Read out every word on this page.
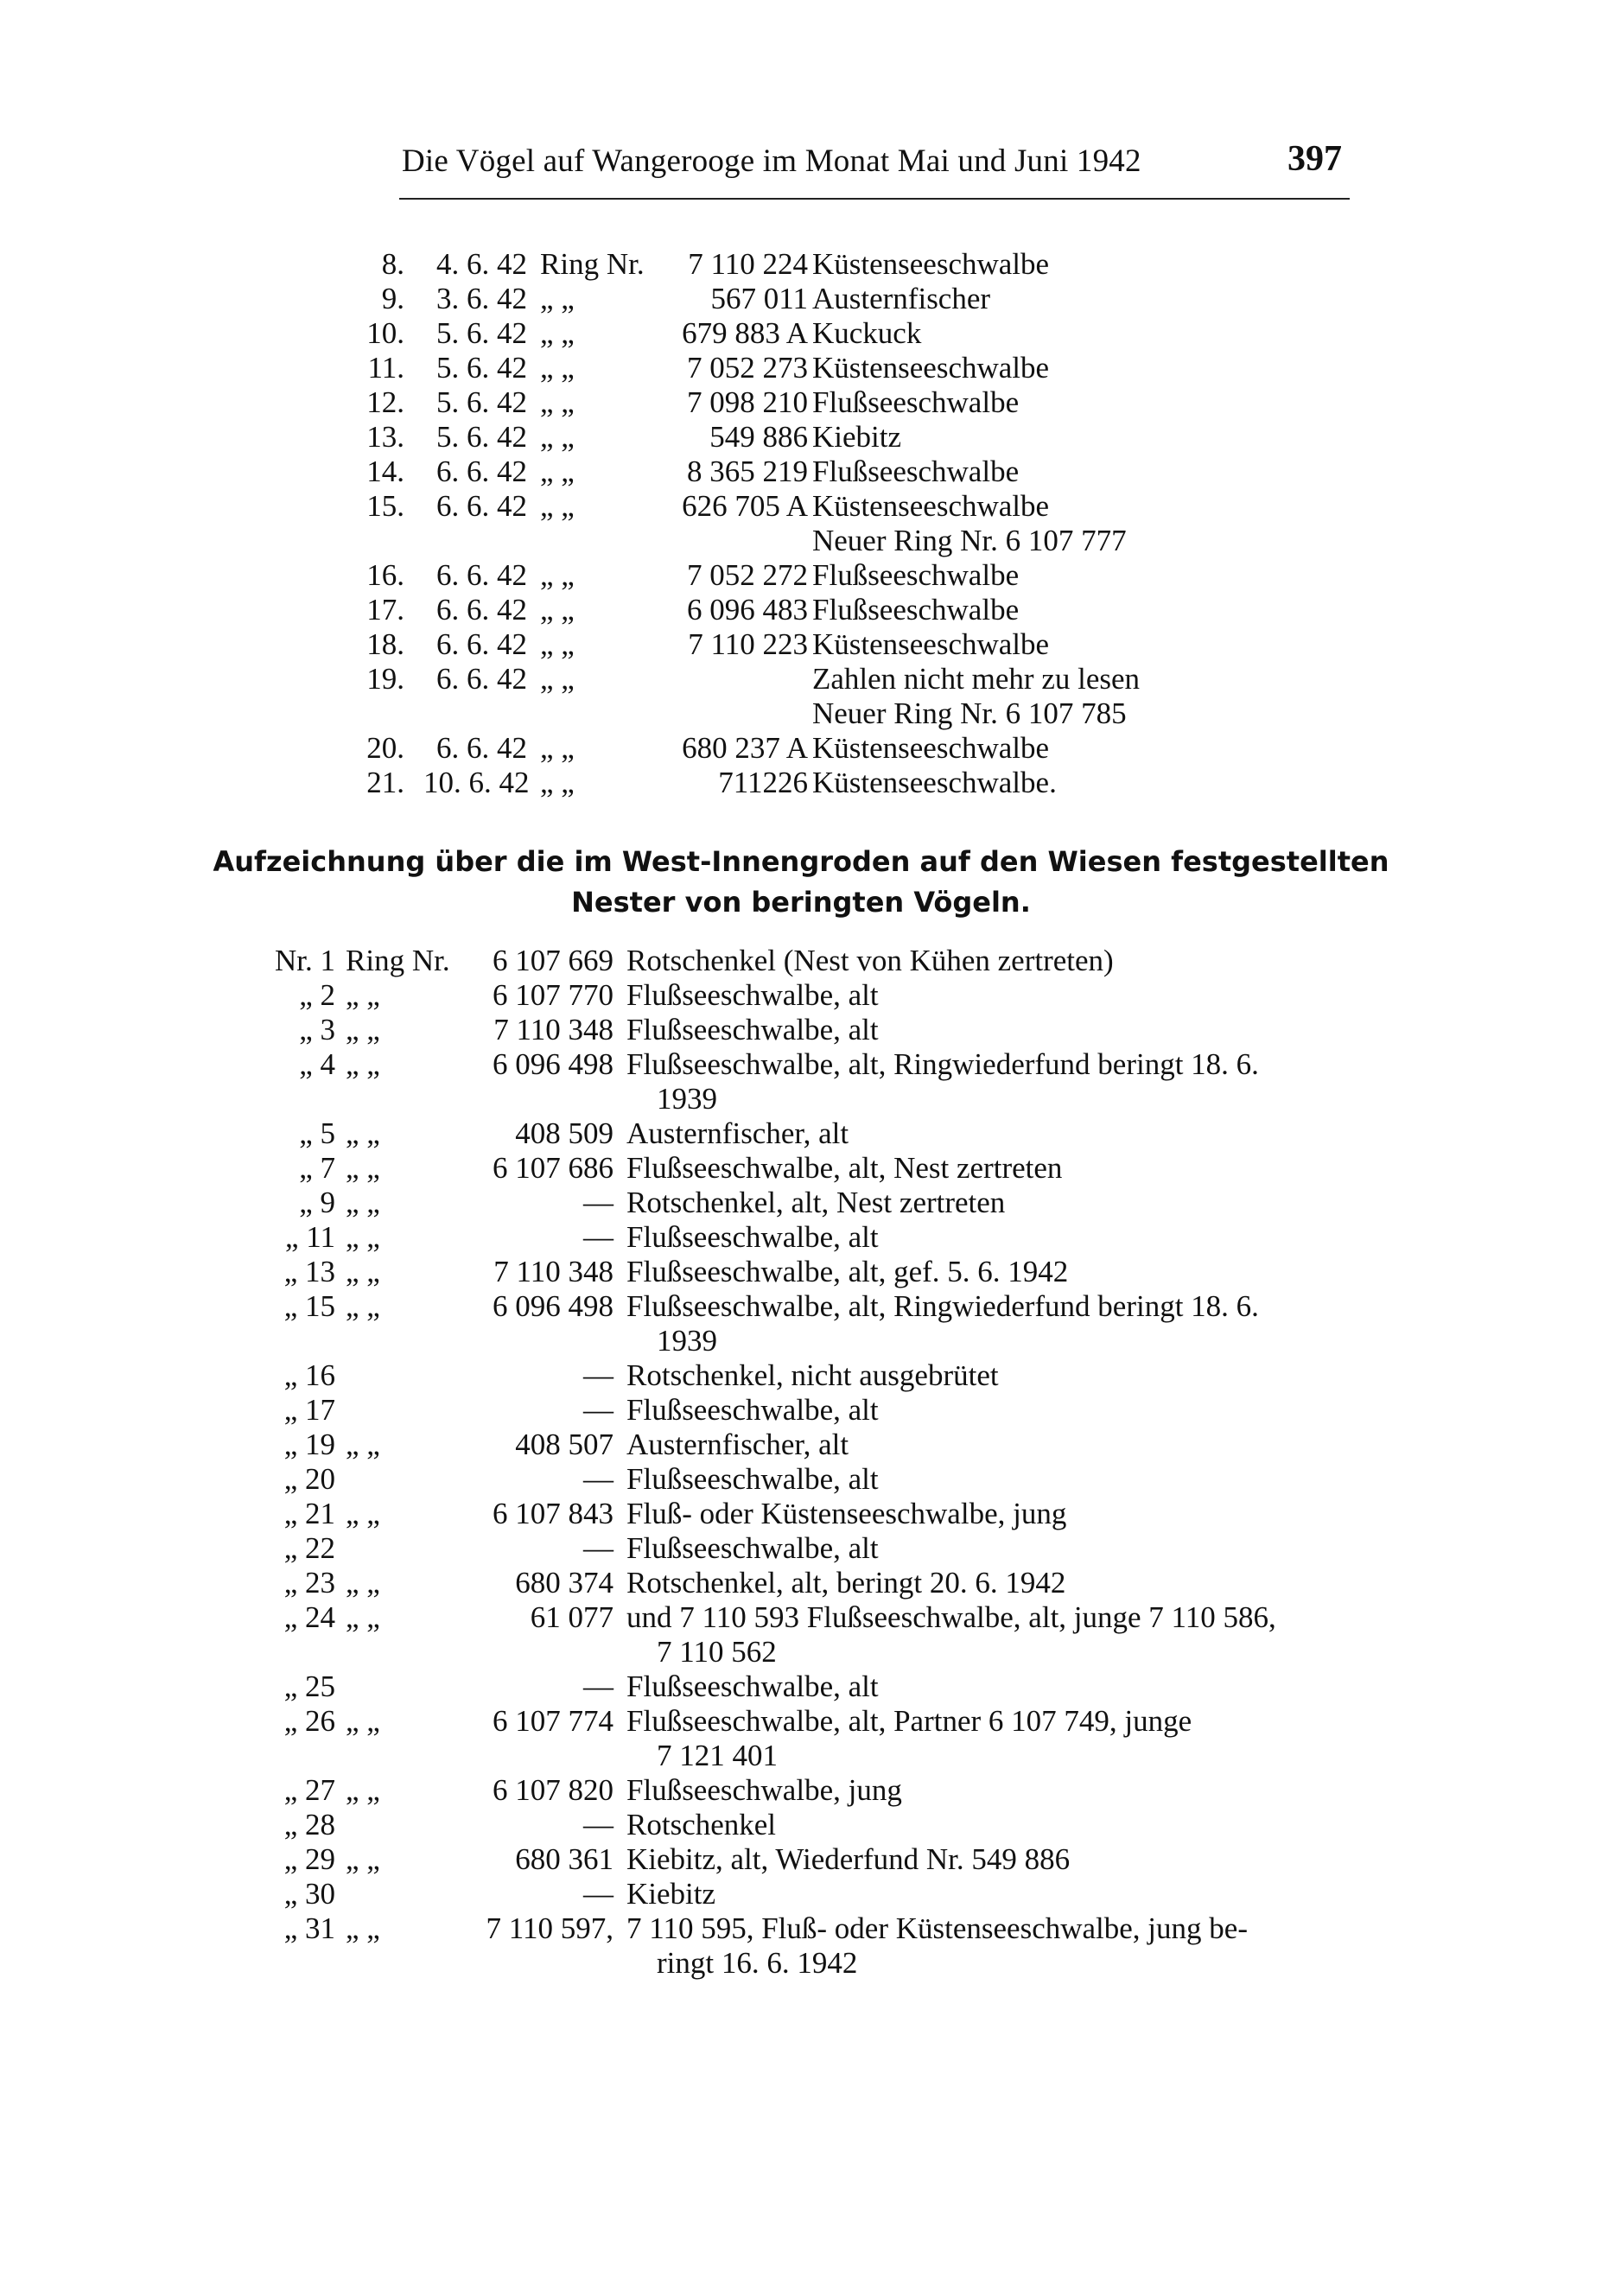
Die Vögel auf Wangerooge im Monat Mai und Juni 1942	397
8.	4. 6. 42 Ring Nr.	7 110 224 Küstenseeschwalbe
9.	3. 6. 42 „ „	567 011 Austernfischer
10.	5. 6. 42 „ „	679 883 A Kuckuck
11.	5. 6. 42 „ „	7 052 273 Küstenseeschwalbe
12.	5. 6. 42 „ „	7 098 210 Flußseeschwalbe
13.	5. 6. 42 „ „	549 886 Kiebitz
14.	6. 6. 42 „ „	8 365 219 Flußseeschwalbe
15.	6. 6. 42 „ „	626 705 A Küstenseeschwalbe
Neuer Ring Nr. 6 107 777
16.	6. 6. 42 „ „	7 052 272 Flußseeschwalbe
17.	6. 6. 42 „ „	6 096 483 Flußseeschwalbe
18.	6. 6. 42 „ „	7 110 223 Küstenseeschwalbe
19.	6. 6. 42 „ „	Zahlen nicht mehr zu lesen
Neuer Ring Nr. 6 107 785
20.	6. 6. 42 „ „	680 237 A Küstenseeschwalbe
21. 10. 6. 42 „ „	711226 Küstenseeschwalbe.
Aufzeichnung über die im West-Innengroden auf den Wiesen festgestellten
Nester von beringten Vögeln.
Nr. 1 Ring Nr.	6 107 669 Rotschenkel (Nest von Kühen zertreten)
„ 2 „ „	6 107 770 Flußseeschwalbe, alt
„ 3 „ „	7 110 348 Flußseeschwalbe, alt
„ 4 „ „	6 096 498 Flußseeschwalbe, alt, Ringwiederfund beringt 18. 6.
1939
„ 5 „ „	408 509 Austernfischer, alt
„ 7 „ „	6 107 686 Flußseeschwalbe, alt, Nest zertreten
„ 9 „ „	— Rotschenkel, alt, Nest zertreten
„ 11 „ „	— Flußseeschwalbe, alt
„ 13 „ „	7 110 348 Flußseeschwalbe, alt, gef. 5. 6. 1942
„ 15 „ „	6 096 498 Flußseeschwalbe, alt, Ringwiederfund beringt 18. 6.
1939
„ 16	— Rotschenkel, nicht ausgebrütet
„ 17	— Flußseeschwalbe, alt
„ 19 „ „	408 507 Austernfischer, alt
„ 20	— Flußseeschwalbe, alt
„ 21 „ „	6 107 843 Fluß- oder Küstenseeschwalbe, jung
„ 22	— Flußseeschwalbe, alt
„ 23 „ „	680 374 Rotschenkel, alt, beringt 20. 6. 1942
„ 24 „ „	61 077 und 7 110 593 Flußseeschwalbe, alt, junge 7 110 586,
7 110 562
„ 25	— Flußseeschwalbe, alt
„ 26 „ „	6 107 774 Flußseeschwalbe, alt, Partner 6 107 749, junge
7 121 401
„ 27 „ „	6 107 820 Flußseeschwalbe, jung
„ 28	— Rotschenkel
„ 29 „ „	680 361 Kiebitz, alt, Wiederfund Nr. 549 886
„ 30	— Kiebitz
„ 31 „ „	7 110 597, 7 110 595, Fluß- oder Küstenseeschwalbe, jung be-
ringt 16. 6. 1942
